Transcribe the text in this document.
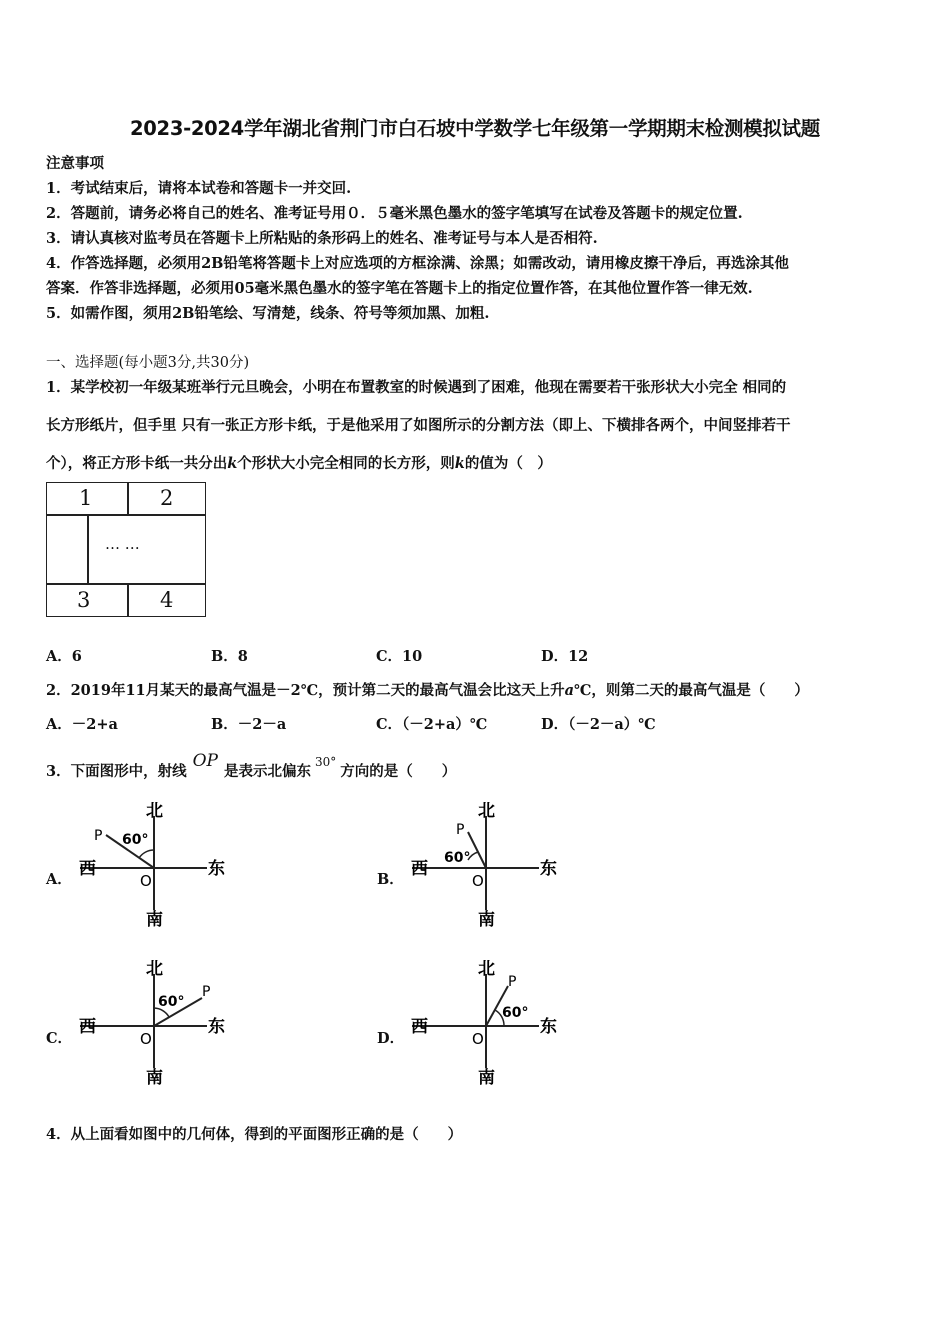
2023-2024学年湖北省荆门市白石坡中学数学七年级第一学期期末检测模拟试题
注意事项
1．考试结束后，请将本试卷和答题卡一并交回.
2．答题前，请务必将自己的姓名、准考证号用０．５毫米黑色墨水的签字笔填写在试卷及答题卡的规定位置.
3．请认真核对监考员在答题卡上所粘贴的条形码上的姓名、准考证号与本人是否相符.
4．作答选择题，必须用2B铅笔将答题卡上对应选项的方框涂满、涂黑；如需改动，请用橡皮擦干净后，再选涂其他
答案．作答非选择题，必须用05毫米黑色墨水的签字笔在答题卡上的指定位置作答，在其他位置作答一律无效.
5．如需作图，须用2B铅笔绘、写清楚，线条、符号等须加黑、加粗.
一、选择题(每小题3分,共30分)
1．某学校初一年级某班举行元旦晚会，小明在布置教室的时候遇到了困难，他现在需要若干张形状大小完全 相同的
长方形纸片，但手里 只有一张正方形卡纸，于是他采用了如图所示的分割方法（即上、下横排各两个，中间竖排若干
个），将正方形卡纸一共分出k个形状大小完全相同的长方形，则k的值为（　）
1	2
… …
3	4
A．6	B．8	C．10	D．12
2．2019年11月某天的最高气温是－2℃，预计第二天的最高气温会比这天上升a℃，则第二天的最高气温是（　　）
A．－2+a	B．－2－a	C．（－2+a）℃	D．（－2－a）℃
3．下面图形中，射线OP是表示北偏东$^{30^\circ}$方向的是（　　）
A．
北
南
东
西
O
P 60°
B．
北
南
东
西
O
P
60°
C．
北
南
东
西
O
P
60°
D．
北
南
东
西
O
P
60°
4．从上面看如图中的几何体，得到的平面图形正确的是（　　）
